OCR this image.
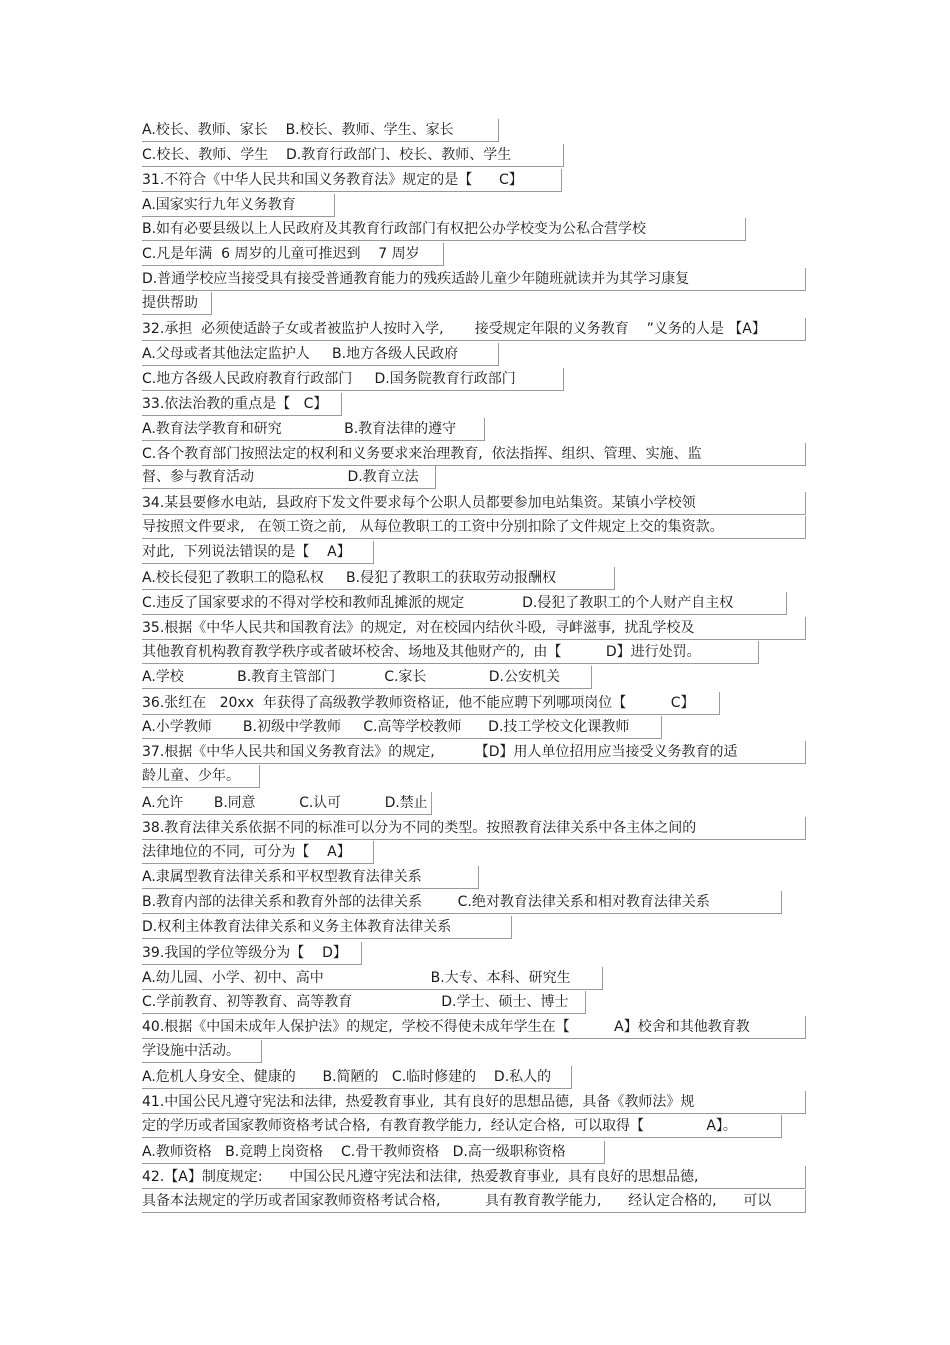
A.校长、教师、家长    B.校长、教师、学生、家长
C.校长、教师、学生    D.教育行政部门、校长、教师、学生
31.不符合《中华人民共和国义务教育法》规定的是【      C】
A.国家实行九年义务教育
B.如有必要县级以上人民政府及其教育行政部门有权把公办学校变为公私合营学校
C.凡是年满  6 周岁的儿童可推迟到    7 周岁
D.普通学校应当接受具有接受普通教育能力的残疾适龄儿童少年随班就读并为其学习康复
提供帮助
32.承担  必须使适龄子女或者被监护人按时入学,       接受规定年限的义务教育    ”义务的人是 【A】
A.父母或者其他法定监护人     B.地方各级人民政府
C.地方各级人民政府教育行政部门     D.国务院教育行政部门
33.依法治教的重点是【   C】
A.教育法学教育和研究              B.教育法律的遵守
C.各个教育部门按照法定的权利和义务要求来治理教育,  依法指挥、组织、管理、实施、监
督、参与教育活动                     D.教育立法
34.某县要修水电站,  县政府下发文件要求每个公职人员都要参加电站集资。某镇小学校领
导按照文件要求,   在领工资之前,   从每位教职工的工资中分别扣除了文件规定上交的集资款。
对此,  下列说法错误的是【    A】
A.校长侵犯了教职工的隐私权     B.侵犯了教职工的获取劳动报酬权
C.违反了国家要求的不得对学校和教师乱摊派的规定             D.侵犯了教职工的个人财产自主权
35.根据《中华人民共和国教育法》的规定,  对在校园内结伙斗殴,  寻衅滋事,  扰乱学校及
其他教育机构教育教学秩序或者破坏校舍、场地及其他财产的,  由【          D】进行处罚。
A.学校            B.教育主管部门           C.家长              D.公安机关
36.张红在   20xx  年获得了高级教学教师资格证,  他不能应聘下列哪项岗位【          C】
A.小学教师       B.初级中学教师     C.高等学校教师      D.技工学校文化课教师
37.根据《中华人民共和国义务教育法》的规定,         【D】用人单位招用应当接受义务教育的适
龄儿童、少年。
A.允许       B.同意          C.认可          D.禁止
38.教育法律关系依据不同的标准可以分为不同的类型。按照教育法律关系中各主体之间的
法律地位的不同,  可分为【    A】
A.隶属型教育法律关系和平权型教育法律关系
B.教育内部的法律关系和教育外部的法律关系        C.绝对教育法律关系和相对教育法律关系
D.权利主体教育法律关系和义务主体教育法律关系
39.我国的学位等级分为【    D】
A.幼儿园、小学、初中、高中                        B.大专、本科、研究生
C.学前教育、初等教育、高等教育                    D.学士、硕士、博士
40.根据《中国未成年人保护法》的规定,  学校不得使未成年学生在【          A】校舍和其他教育教
学设施中活动。
A.危机人身安全、健康的      B.简陋的   C.临时修建的    D.私人的
41.中国公民凡遵守宪法和法律,  热爱教育事业,  其有良好的思想品德,  具备《教师法》规
定的学历或者国家教师资格考试合格,  有教育教学能力,  经认定合格,  可以取得【              A】。
A.教师资格   B.竞聘上岗资格    C.骨干教师资格   D.高一级职称资格
42.【A】制度规定:      中国公民凡遵守宪法和法律,  热爱教育事业,  具有良好的思想品德,
具备本法规定的学历或者国家教师资格考试合格,          具有教育教学能力,      经认定合格的,      可以
